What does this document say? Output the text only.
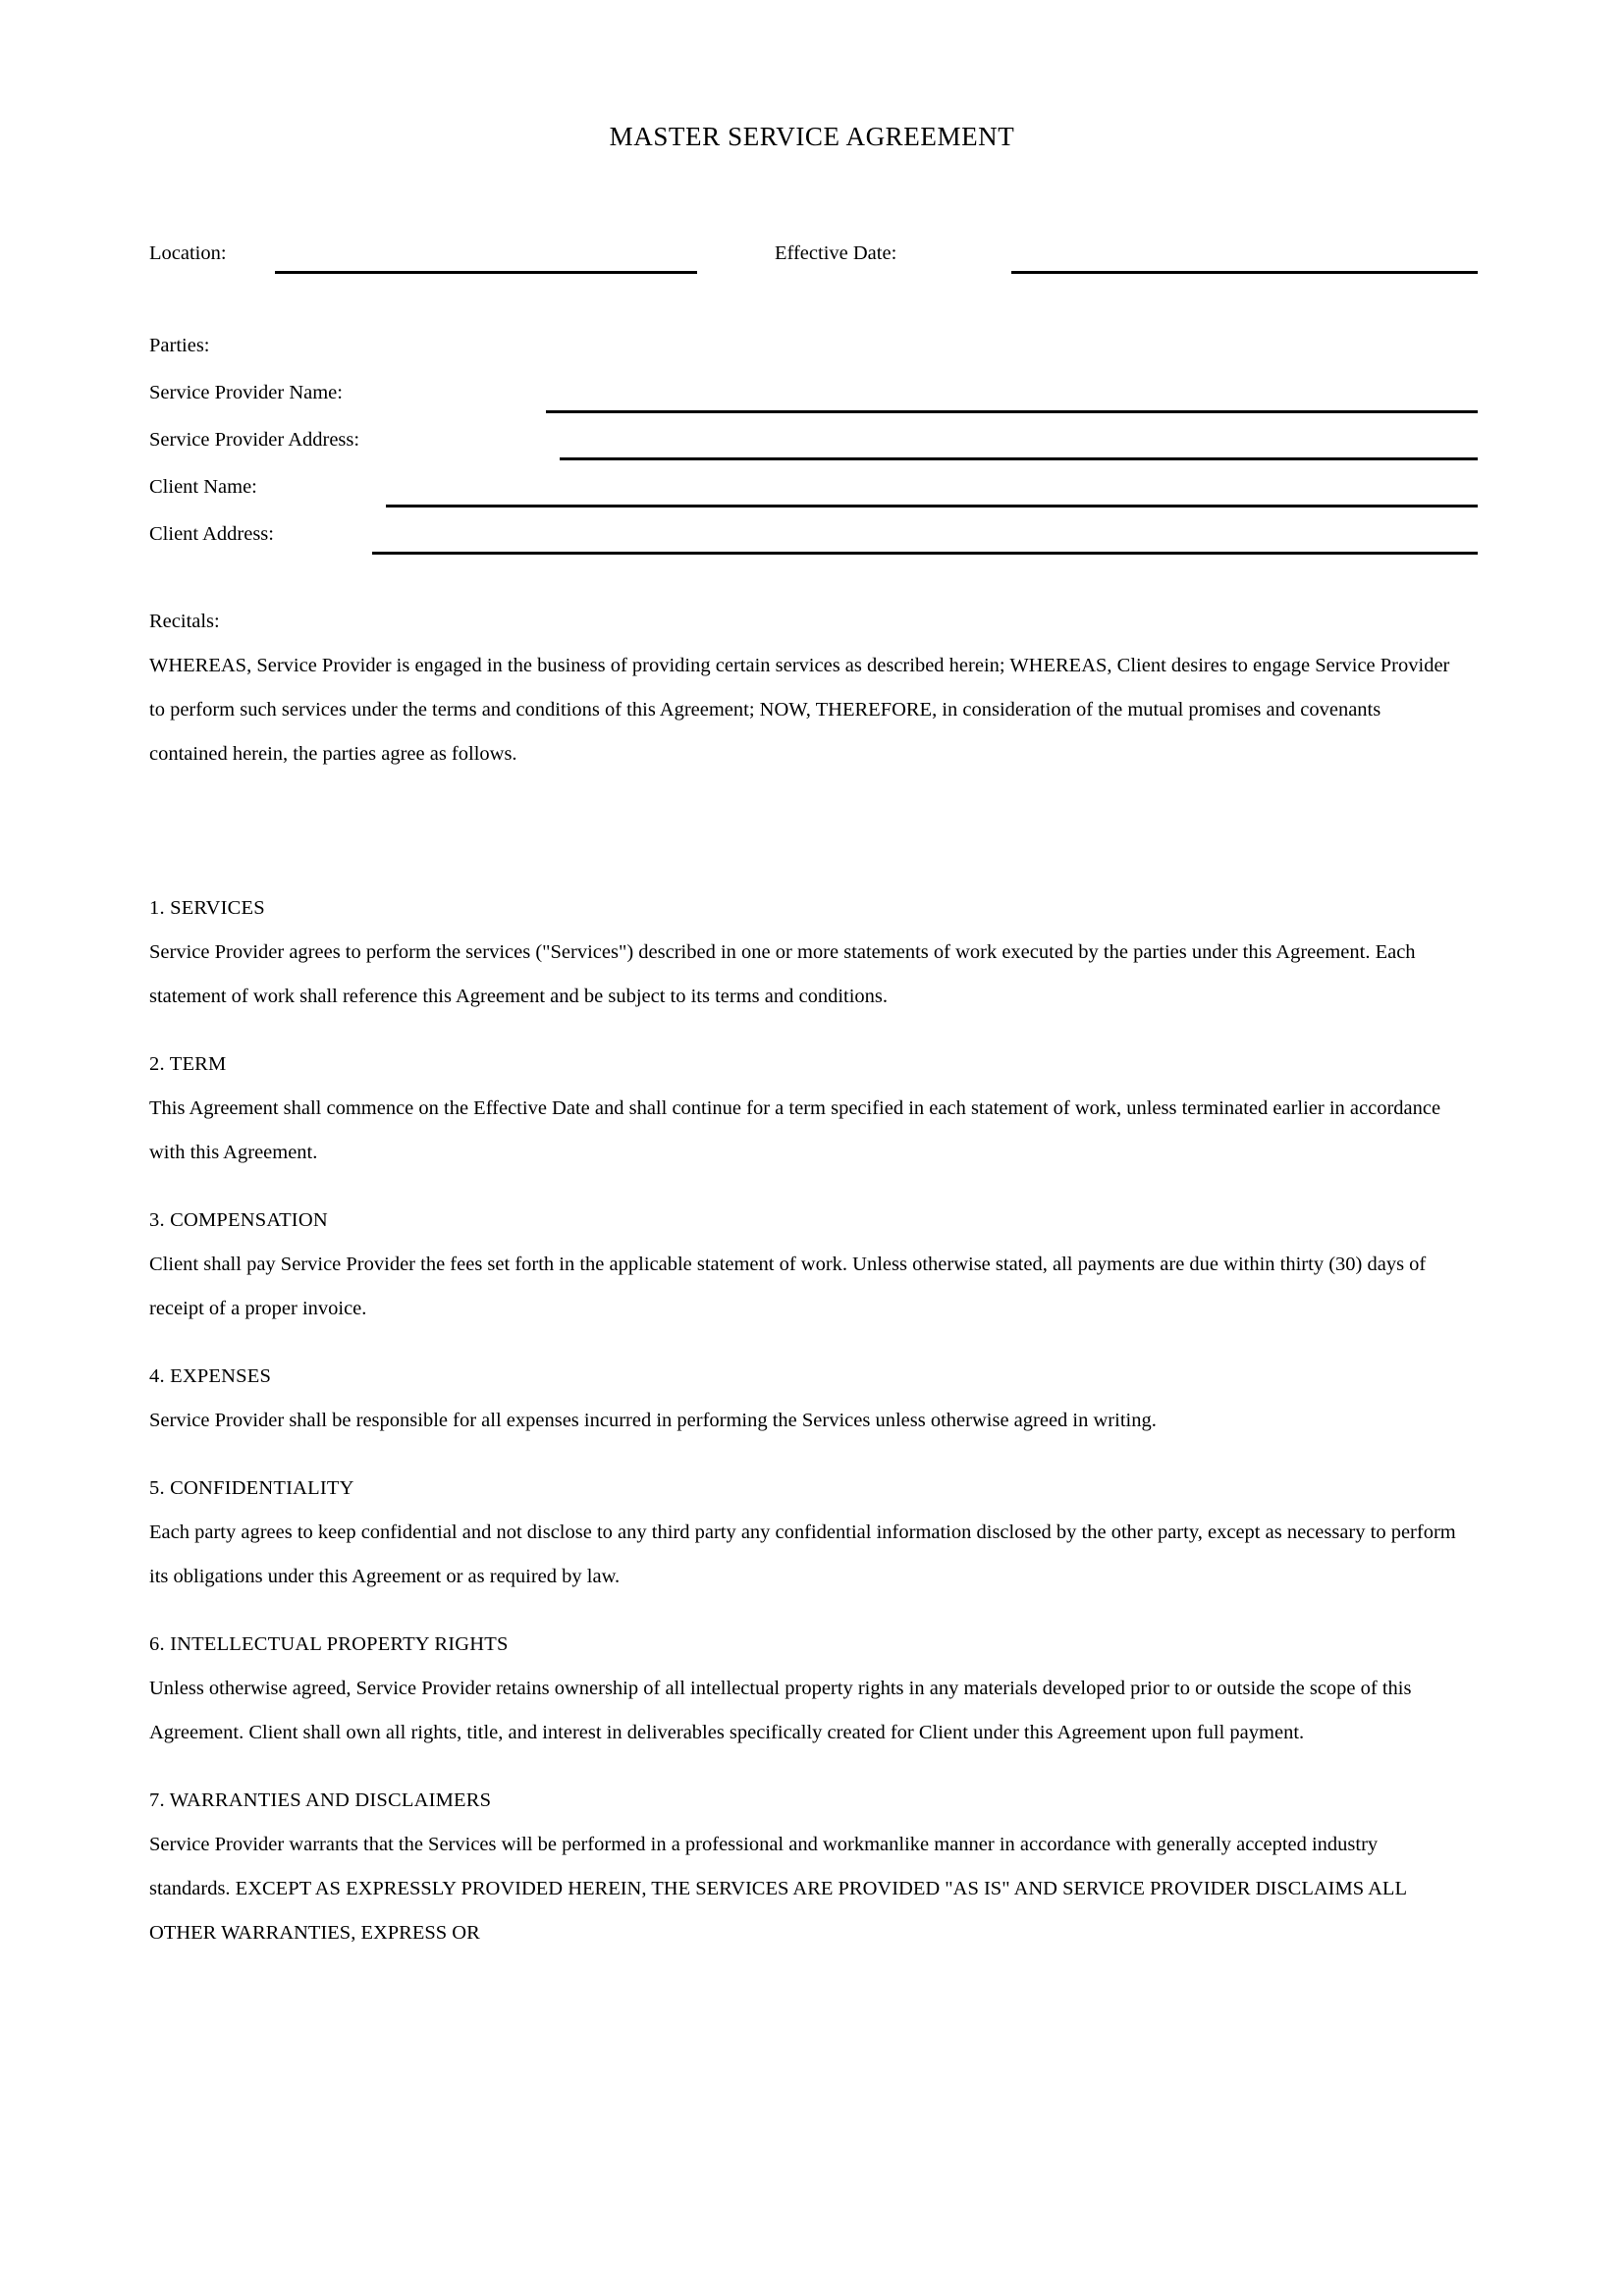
MASTER SERVICE AGREEMENT
Location:	Effective Date:
Parties:
Service Provider Name:
Service Provider Address:
Client Name:
Client Address:
Recitals:
WHEREAS, Service Provider is engaged in the business of providing certain services as described herein; WHEREAS, Client desires to engage Service Provider to perform such services under the terms and conditions of this Agreement; NOW, THEREFORE, in consideration of the mutual promises and covenants contained herein, the parties agree as follows.
1. SERVICES
Service Provider agrees to perform the services ("Services") described in one or more statements of work executed by the parties under this Agreement. Each statement of work shall reference this Agreement and be subject to its terms and conditions.
2. TERM
This Agreement shall commence on the Effective Date and shall continue for a term specified in each statement of work, unless terminated earlier in accordance with this Agreement.
3. COMPENSATION
Client shall pay Service Provider the fees set forth in the applicable statement of work. Unless otherwise stated, all payments are due within thirty (30) days of receipt of a proper invoice.
4. EXPENSES
Service Provider shall be responsible for all expenses incurred in performing the Services unless otherwise agreed in writing.
5. CONFIDENTIALITY
Each party agrees to keep confidential and not disclose to any third party any confidential information disclosed by the other party, except as necessary to perform its obligations under this Agreement or as required by law.
6. INTELLECTUAL PROPERTY RIGHTS
Unless otherwise agreed, Service Provider retains ownership of all intellectual property rights in any materials developed prior to or outside the scope of this Agreement. Client shall own all rights, title, and interest in deliverables specifically created for Client under this Agreement upon full payment.
7. WARRANTIES AND DISCLAIMERS
Service Provider warrants that the Services will be performed in a professional and workmanlike manner in accordance with generally accepted industry standards. EXCEPT AS EXPRESSLY PROVIDED HEREIN, THE SERVICES ARE PROVIDED "AS IS" AND SERVICE PROVIDER DISCLAIMS ALL OTHER WARRANTIES, EXPRESS OR
